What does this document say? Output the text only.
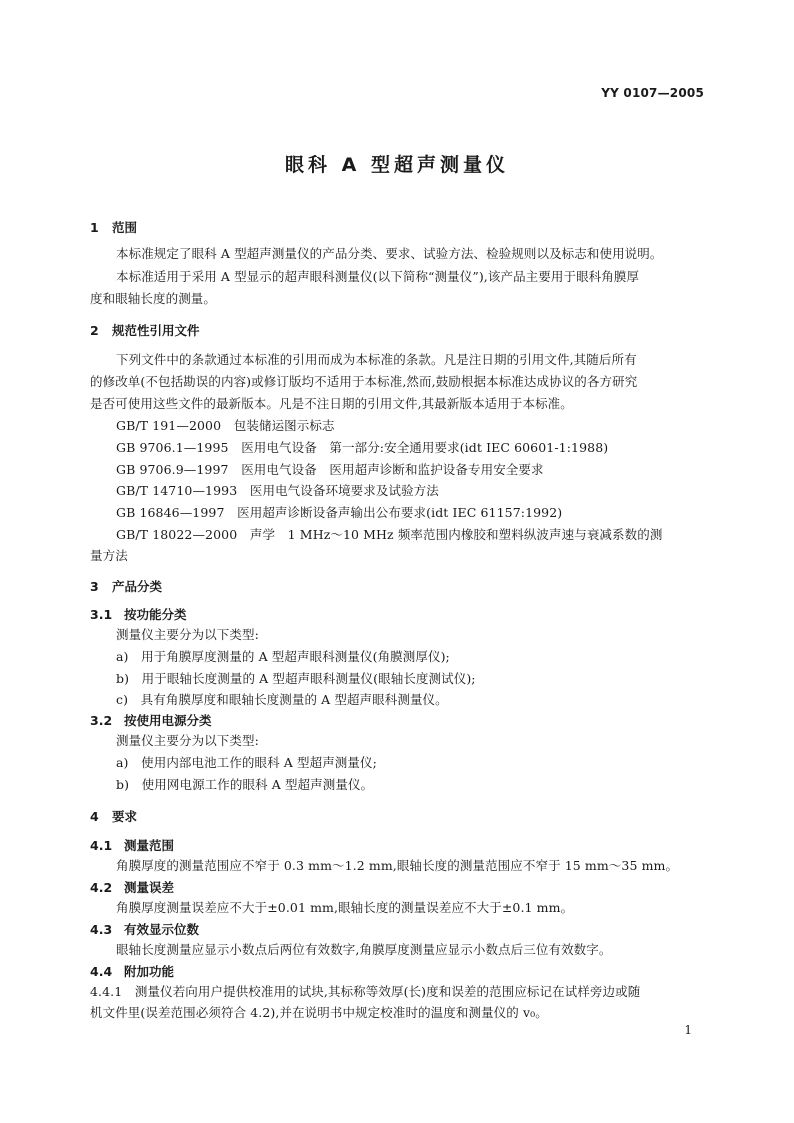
YY 0107—2005
眼科 A 型超声测量仪
1 范围
本标准规定了眼科 A 型超声测量仪的产品分类、要求、试验方法、检验规则以及标志和使用说明。
本标准适用于采用 A 型显示的超声眼科测量仪(以下简称“测量仪”),该产品主要用于眼科角膜厚
度和眼轴长度的测量。
2 规范性引用文件
下列文件中的条款通过本标准的引用而成为本标准的条款。凡是注日期的引用文件,其随后所有
的修改单(不包括勘误的内容)或修订版均不适用于本标准,然而,鼓励根据本标准达成协议的各方研究
是否可使用这些文件的最新版本。凡是不注日期的引用文件,其最新版本适用于本标准。
GB/T 191—2000　包装储运图示标志
GB 9706.1—1995　医用电气设备　第一部分:安全通用要求(idt IEC 60601-1:1988)
GB 9706.9—1997　医用电气设备　医用超声诊断和监护设备专用安全要求
GB/T 14710—1993　医用电气设备环境要求及试验方法
GB 16846—1997　医用超声诊断设备声输出公布要求(idt IEC 61157:1992)
GB/T 18022—2000　声学　1 MHz～10 MHz 频率范围内橡胶和塑料纵波声速与衰减系数的测
量方法
3 产品分类
3.1 按功能分类
测量仪主要分为以下类型:
a)　用于角膜厚度测量的 A 型超声眼科测量仪(角膜测厚仪);
b)　用于眼轴长度测量的 A 型超声眼科测量仪(眼轴长度测试仪);
c)　具有角膜厚度和眼轴长度测量的 A 型超声眼科测量仪。
3.2 按使用电源分类
测量仪主要分为以下类型:
a)　使用内部电池工作的眼科 A 型超声测量仪;
b)　使用网电源工作的眼科 A 型超声测量仪。
4 要求
4.1 测量范围
角膜厚度的测量范围应不窄于 0.3 mm～1.2 mm,眼轴长度的测量范围应不窄于 15 mm～35 mm。
4.2 测量误差
角膜厚度测量误差应不大于±0.01 mm,眼轴长度的测量误差应不大于±0.1 mm。
4.3 有效显示位数
眼轴长度测量应显示小数点后两位有效数字,角膜厚度测量应显示小数点后三位有效数字。
4.4 附加功能
4.4.1　测量仪若向用户提供校准用的试块,其标称等效厚(长)度和误差的范围应标记在试样旁边或随
机文件里(误差范围必须符合 4.2),并在说明书中规定校准时的温度和测量仪的 v₀。
1
